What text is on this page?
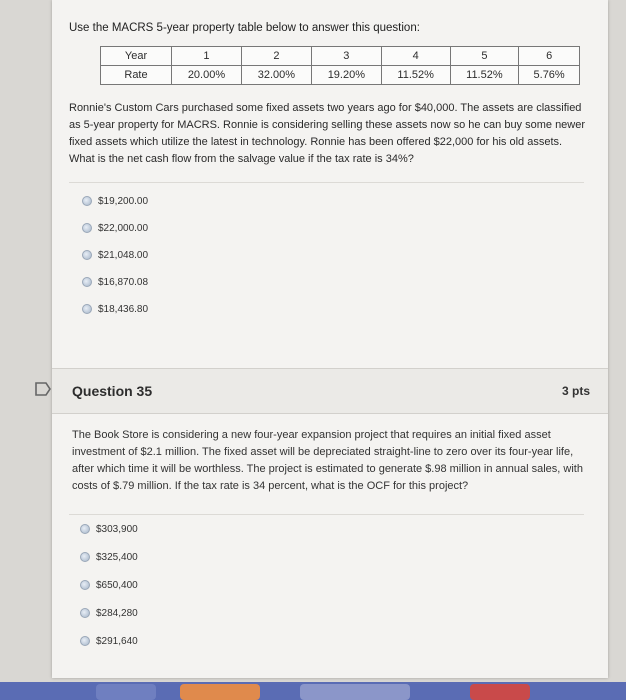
Use the MACRS 5-year property table below to answer this question:
Year	1	2	3	4	5	6
Rate	20.00%	32.00%	19.20%	11.52%	11.52%	5.76%
Ronnie's Custom Cars purchased some fixed assets two years ago for $40,000. The assets are classified as 5-year property for MACRS. Ronnie is considering selling these assets now so he can buy some newer fixed assets which utilize the latest in technology. Ronnie has been offered $22,000 for his old assets. What is the net cash flow from the salvage value if the tax rate is 34%?
$19,200.00
$22,000.00
$21,048.00
$16,870.08
$18,436.80
The Book Store is considering a new four-year expansion project that requires an initial fixed asset investment of $2.1 million. The fixed asset will be depreciated straight-line to zero over its four-year life, after which time it will be worthless. The project is estimated to generate $.98 million in annual sales, with costs of $.79 million. If the tax rate is 34 percent, what is the OCF for this project?
$303,900
$325,400
$650,400
$284,280
$291,640
Question 35	3 pts
